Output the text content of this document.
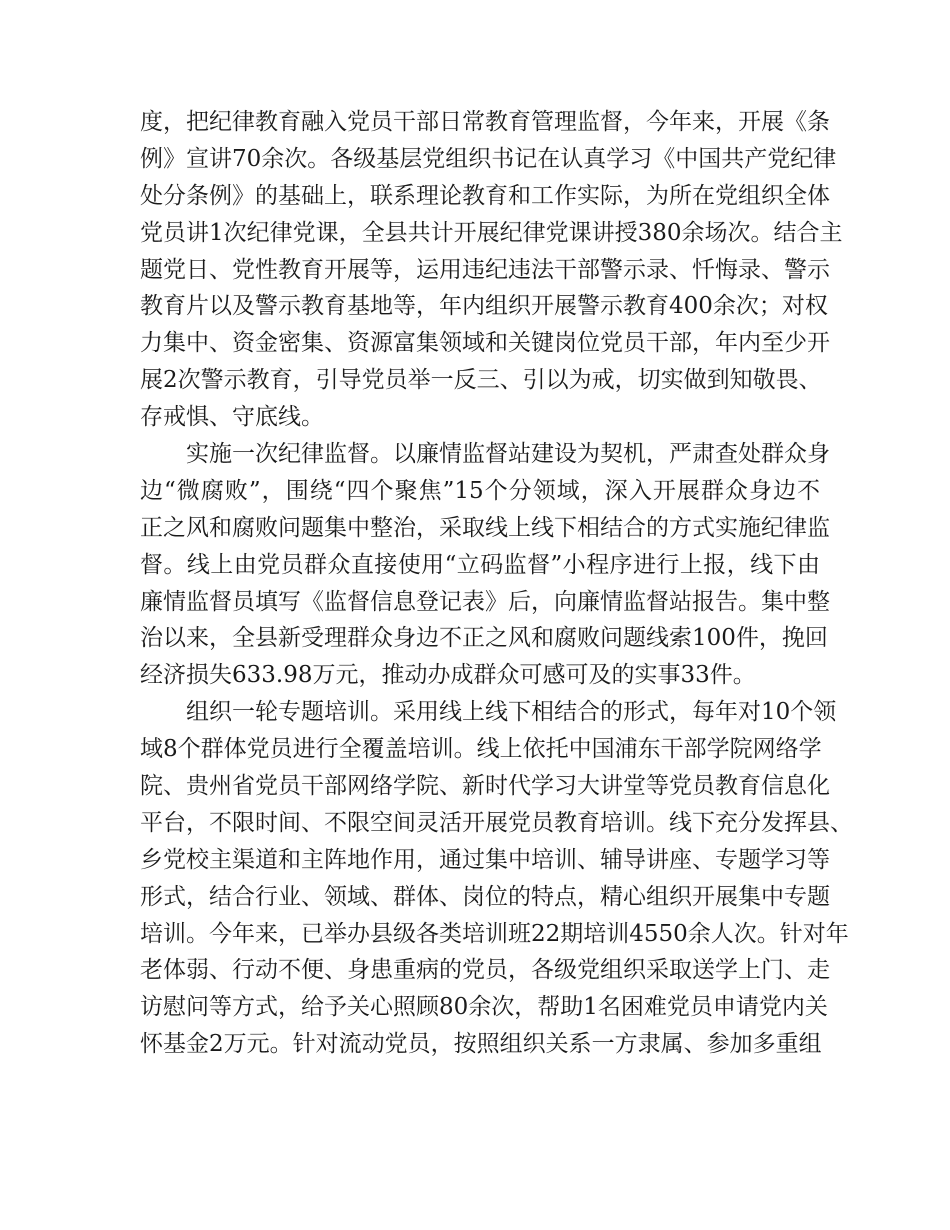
度，把纪律教育融入党员干部日常教育管理监督，今年来，开展《条
例》宣讲70余次。各级基层党组织书记在认真学习《中国共产党纪律
处分条例》的基础上，联系理论教育和工作实际，为所在党组织全体
党员讲1次纪律党课，全县共计开展纪律党课讲授380余场次。结合主
题党日、党性教育开展等，运用违纪违法干部警示录、忏悔录、警示
教育片以及警示教育基地等，年内组织开展警示教育400余次；对权
力集中、资金密集、资源富集领域和关键岗位党员干部，年内至少开
展2次警示教育，引导党员举一反三、引以为戒，切实做到知敬畏、
存戒惧、守底线。
实施一次纪律监督。以廉情监督站建设为契机，严肃查处群众身
边“微腐败”，围绕“四个聚焦”15个分领域，深入开展群众身边不
正之风和腐败问题集中整治，采取线上线下相结合的方式实施纪律监
督。线上由党员群众直接使用“立码监督”小程序进行上报，线下由
廉情监督员填写《监督信息登记表》后，向廉情监督站报告。集中整
治以来，全县新受理群众身边不正之风和腐败问题线索100件，挽回
经济损失633.98万元，推动办成群众可感可及的实事33件。
组织一轮专题培训。采用线上线下相结合的形式，每年对10个领
域8个群体党员进行全覆盖培训。线上依托中国浦东干部学院网络学
院、贵州省党员干部网络学院、新时代学习大讲堂等党员教育信息化
平台，不限时间、不限空间灵活开展党员教育培训。线下充分发挥县、
乡党校主渠道和主阵地作用，通过集中培训、辅导讲座、专题学习等
形式，结合行业、领域、群体、岗位的特点，精心组织开展集中专题
培训。今年来，已举办县级各类培训班22期培训4550余人次。针对年
老体弱、行动不便、身患重病的党员，各级党组织采取送学上门、走
访慰问等方式，给予关心照顾80余次，帮助1名困难党员申请党内关
怀基金2万元。针对流动党员，按照组织关系一方隶属、参加多重组
